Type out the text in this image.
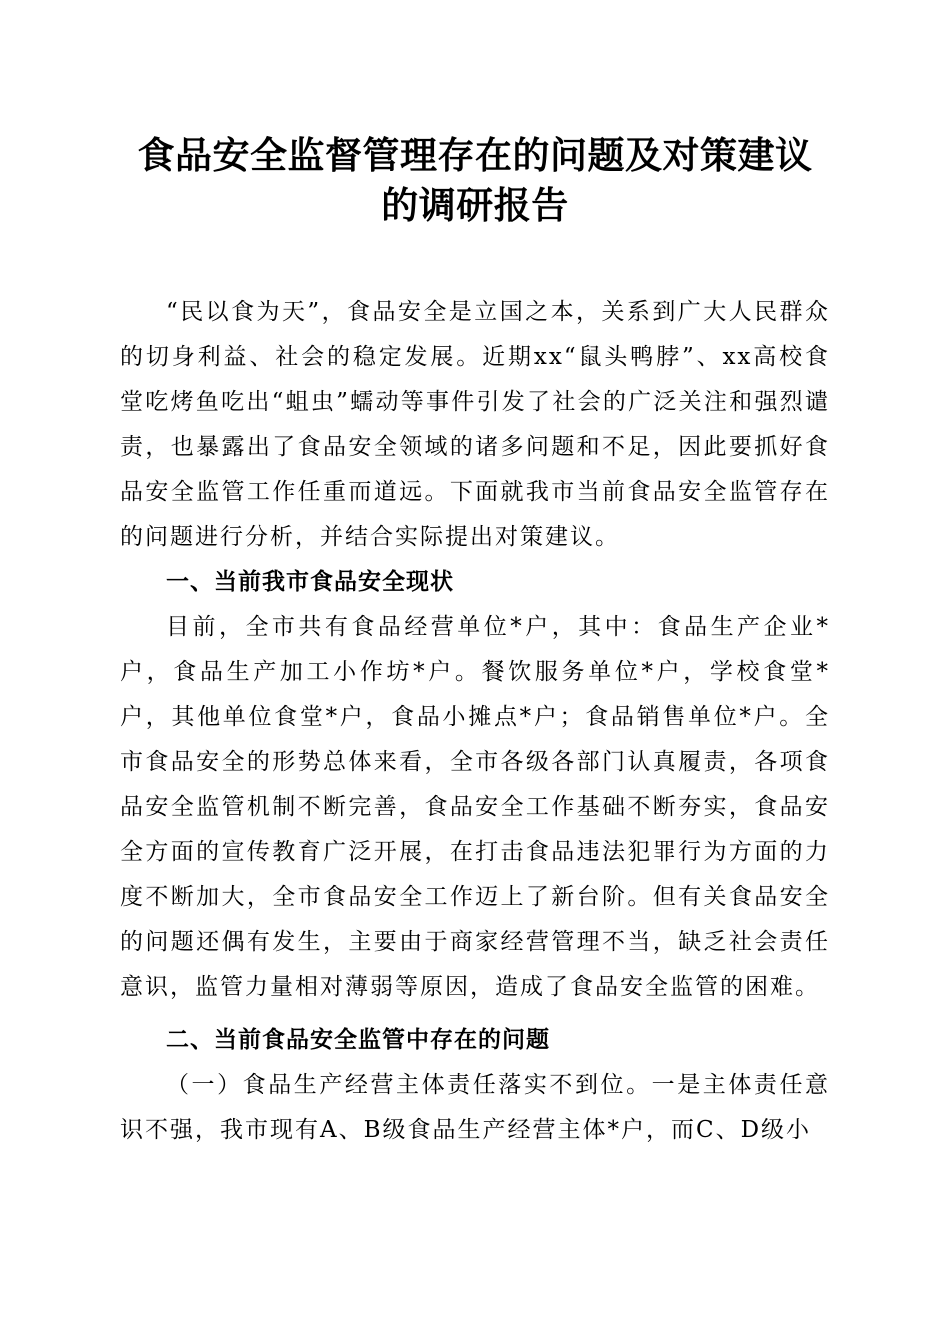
食品安全监督管理存在的问题及对策建议的调研报告

“民以食为天”，食品安全是立国之本，关系到广大人民群众的切身利益、社会的稳定发展。近期xx“鼠头鸭脖”、xx高校食堂吃烤鱼吃出“蛆虫”蠕动等事件引发了社会的广泛关注和强烈谴责，也暴露出了食品安全领域的诸多问题和不足，因此要抓好食品安全监管工作任重而道远。下面就我市当前食品安全监管存在的问题进行分析，并结合实际提出对策建议。

一、当前我市食品安全现状

目前，全市共有食品经营单位*户，其中：食品生产企业*户，食品生产加工小作坊*户。餐饮服务单位*户，学校食堂*户，其他单位食堂*户，食品小摊点*户；食品销售单位*户。全市食品安全的形势总体来看，全市各级各部门认真履责，各项食品安全监管机制不断完善，食品安全工作基础不断夯实，食品安全方面的宣传教育广泛开展，在打击食品违法犯罪行为方面的力度不断加大，全市食品安全工作迈上了新台阶。但有关食品安全的问题还偶有发生，主要由于商家经营管理不当，缺乏社会责任意识，监管力量相对薄弱等原因，造成了食品安全监管的困难。

二、当前食品安全监管中存在的问题

（一）食品生产经营主体责任落实不到位。一是主体责任意识不强，我市现有A、B级食品生产经营主体*户，而C、D级小
